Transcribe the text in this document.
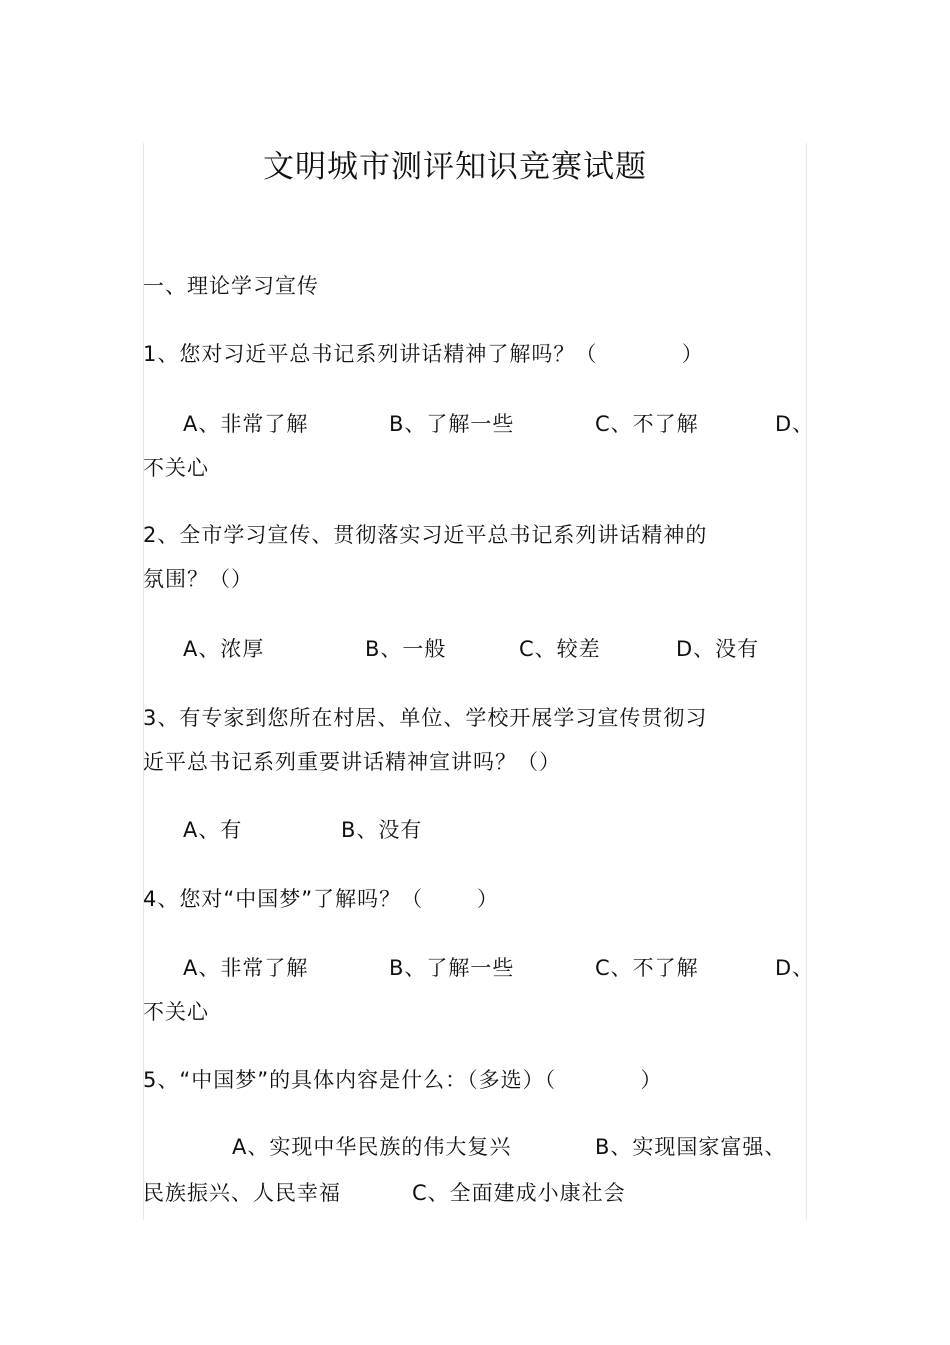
文明城市测评知识竞赛试题
一、理论学习宣传
1、您对习近平总书记系列讲话精神了解吗？（           ）
A、非常了解	B、了解一些	C、不了解	D、
不关心
2、全市学习宣传、贯彻落实习近平总书记系列讲话精神的
氛围？（）
A、浓厚	B、一般	C、较差	D、没有
3、有专家到您所在村居、单位、学校开展学习宣传贯彻习
近平总书记系列重要讲话精神宣讲吗？（）
A、有	B、没有
4、您对“中国梦”了解吗？（       ）
A、非常了解	B、了解一些	C、不了解	D、
不关心
5、“中国梦”的具体内容是什么：（多选）（           ）
A、实现中华民族的伟大复兴	B、实现国家富强、
民族振兴、人民幸福	C、全面建成小康社会
